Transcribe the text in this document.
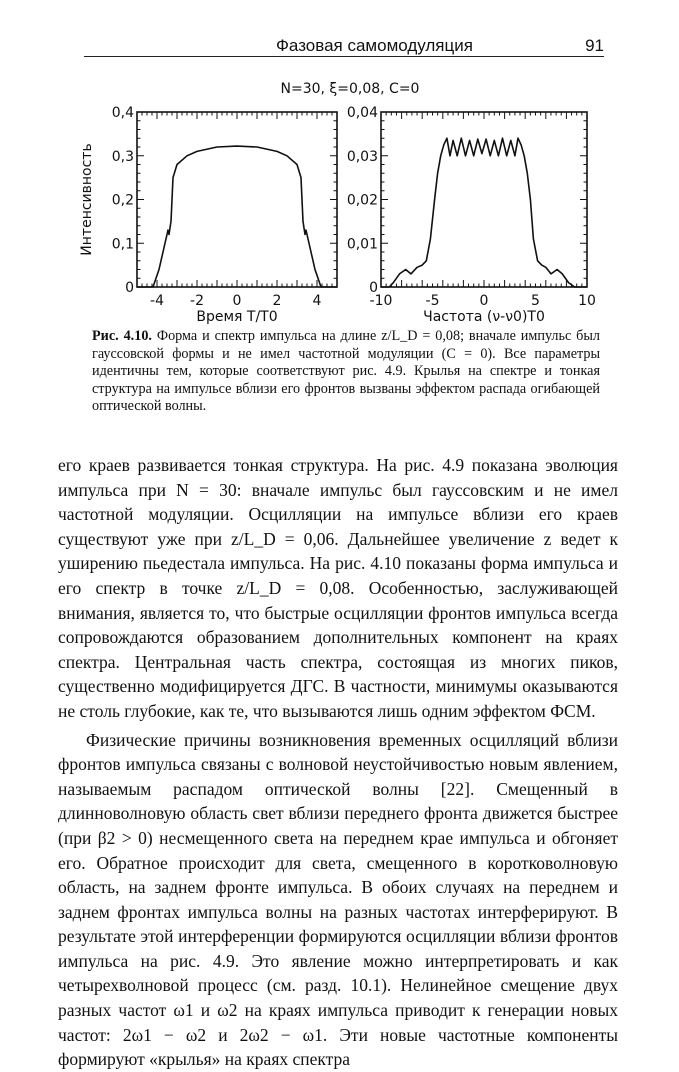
Фазовая самомодуляция	91
N=30, ξ=0,08, C=0
-4 -2 0 2 4
0
0,1
0,2
0,3
0,4
Время T/T0
Интенсивность
-10 -5	0	5	10
0
0,01
0,02
0,03
0,04
Частота (ν-ν0)T0
Рис. 4.10. Форма и спектр импульса на длине z/L_D = 0,08; вначале импульс был гауссовской формы и не имел частотной модуляции (C = 0). Все параметры идентичны тем, которые соответствуют рис. 4.9. Крылья на спектре и тонкая структура на импульсе вблизи его фронтов вызваны эффектом распада огибающей оптической волны.

его краев развивается тонкая структура. На рис. 4.9 показана эволюция импульса при N = 30: вначале импульс был гауссовским и не имел частотной модуляции. Осцилляции на импульсе вблизи его краев существуют уже при z/L_D = 0,06. Дальнейшее увеличение z ведет к уширению пьедестала импульса. На рис. 4.10 показаны форма импульса и его спектр в точке z/L_D = 0,08. Особенностью, заслуживающей внимания, является то, что быстрые осцилляции фронтов импульса всегда сопровождаются образованием дополнительных компонент на краях спектра. Центральная часть спектра, состоящая из многих пиков, существенно модифицируется ДГС. В частности, минимумы оказываются не столь глубокие, как те, что вызываются лишь одним эффектом ФСМ.

Физические причины возникновения временных осцилляций вблизи фронтов импульса связаны с волновой неустойчивостью новым явлением, называемым распадом оптической волны [22]. Смещенный в длинноволновую область свет вблизи переднего фронта движется быстрее (при β2 > 0) несмещенного света на переднем крае импульса и обгоняет его. Обратное происходит для света, смещенного в коротковолновую область, на заднем фронте импульса. В обоих случаях на переднем и заднем фронтах импульса волны на разных частотах интерферируют. В результате этой интерференции формируются осцилляции вблизи фронтов импульса на рис. 4.9. Это явление можно интерпретировать и как четырехволновой процесс (см. разд. 10.1). Нелинейное смещение двух разных частот ω1 и ω2 на краях импульса приводит к генерации новых частот: 2ω1 − ω2 и 2ω2 − ω1. Эти новые частотные компоненты формируют «крылья» на краях спектра
